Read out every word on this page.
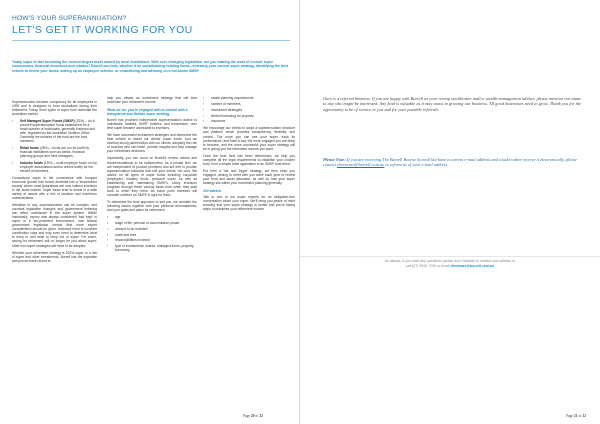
HOW'S YOUR SUPERANNUATION?
LET'S GET IT WORKING FOR YOU
Today super is fast becoming the second largest asset owned by most Australians. With ever-changing legislation, are you making the most of current super concessions, financial incentives and rebates? Burrell can help, whether it be consolidating existing funds, reviewing your current super strategy, identifying the best vehicle to invest your funds, setting up an employee scheme, or establishing and advising on a full-blown SMSF.

Superannuation became compulsory for all employees in 1992 and is designed to fund Australians during their retirement. Today, three types of super fund dominate the Australian market.

› Self Managed Super Funds (SMSF) (32%) – do-it-yourself superannuation funds established for a small number of individuals, generally husband and wife, regulated by the Australian Taxation Office. Generally the trustees of the fund are the fund members.
› Retail funds (28%) – funds are run for profit by financial institutions such as banks, financial planning groups and fund managers.
› Industry funds (19%) – multi-employer funds run by employer associations and/or unions solely for the benefit of members.

Compulsory super is the cornerstone with buoyant economic growth has turned Australia into a 'shareholder society' where most Australians are now indirect investors in the stock market. Super funds tend to invest in a wide variety of assets with a mix of duration and risk/return characteristics.

Needless to say, superannuation can be complex, and constant legislative changes and government tinkering can affect confidence in the super system. Within historically, money was always considered 'bad kept' in super in a tax-protected environment, now federal government legislation means that more expert consideration should be given. Investors need to consider contribution caps and may even need to determine what to keep in and what to keep out of super. For some, saving for retirement will no longer be just about super; other non-super strategies will need to be adopted.

Whether your retirement strategy is 100% super or a mix of super and other investments, Burrell has the expertise and proven track record to

help you devise an investment strategy that will best maximise your retirement income.

What we do: you're engaged with in control with a transparent and flexible super strategy

Burrell has provided independent superannuation advice to individuals, families, SMSF trustees, and businesses, over time super became accessible to investors.

We have successful investment strategies and determine the best vehicle to invest our clients' super funds. And we develop strong partnerships with our clients, adopting the role of coaches who can listen, provide insights and help manage your investment decisions.

Importantly, you can count on Burrell's review, advice and recommendations to be independent. As a private firm, we are independent of product providers and are free to provide superannuation solutions that suit your needs, not ours. We advise on all types of super funds including corporate (employer), industry funds, personal super, as well as establishing and maintaining SMSFs. Many investors progress through these various funds from when they start work to when they retire. As some point investors will consider whether an SMSF is right for them.

To determine the best approach to suit you, we consider the following issues together with your personal circumstances, and your goals and plans for retirement:

› age
› stage of life: pension or accumulation phase
› amount to be invested
› costs and fees
› responsibilities involved
› type of investments: shares, managed funds, property, borrowing
› estate planning requirements
› number of members
› investment strategies
› limited borrowing for property
› insurance.

We encourage our clients to adopt a superannuation structure and platform which provides transparency, flexibility and control. The more you can see your super, track its performance, and have a say, the more engaged you are likely to become, and the more successful your super strategy will be in giving you the retirement income you want.

Once the best fund has been determined, we help you complete all the legal requirements to establish your chosen fund, from a simple retail application to an SMSF trust deed.

Put from a 'set and forget' strategy, we then keep you engaged, aiming to meet with you twice each year to review your fund and asset allocation, as well as how your super strategy sits within your investment planning generally.

Get started

Talk to one of our super experts for an obligation-free conversation about your super. We'll bring you peace of mind knowing that your super strategy is sorted and you're taking steps to maximise your retirement income.

Page 20 of 22
Ours is a referral business. If you are happy with Burrell as your caring stockbroker and/or wealth management adviser, please mention our name to any who might be interested. Any lead is valuable as it may assist in growing our business. All good businesses need to grow. Thank you for the opportunity to be of service to you and for your possible referrals.
Please Note: If you are receiving The Burrell Bourse by mail but have a current e-mail address and would rather receive it electronically, please contact clientcare@burrell.com.au to inform us of your e-mail address
As always, if you have any questions please don't hesitate to contact your adviser or
call (07) 3006 7200 or email clientcare@burrell.com.au
Page 21 of 22
